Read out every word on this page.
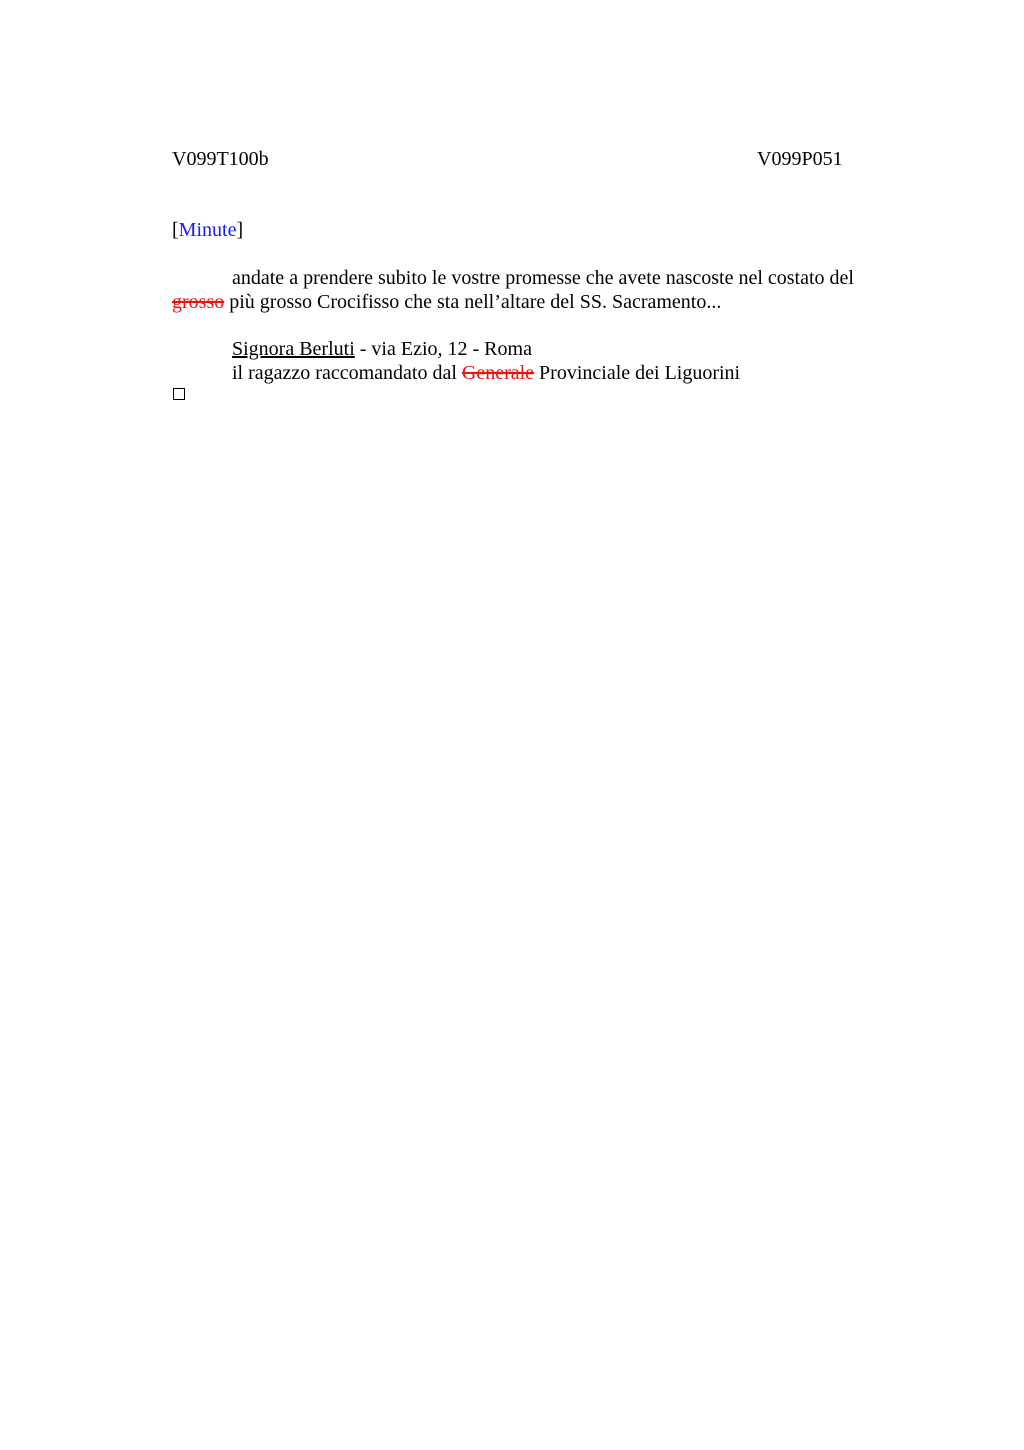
V099T100b	V099P051
[Minute]
andate a prendere subito le vostre promesse che avete nascoste nel costato del
grosso più grosso Crocifisso che sta nell’altare del SS. Sacramento...
Signora Berluti - via Ezio, 12 - Roma
il ragazzo raccomandato dal Generale Provinciale dei Liguorini
